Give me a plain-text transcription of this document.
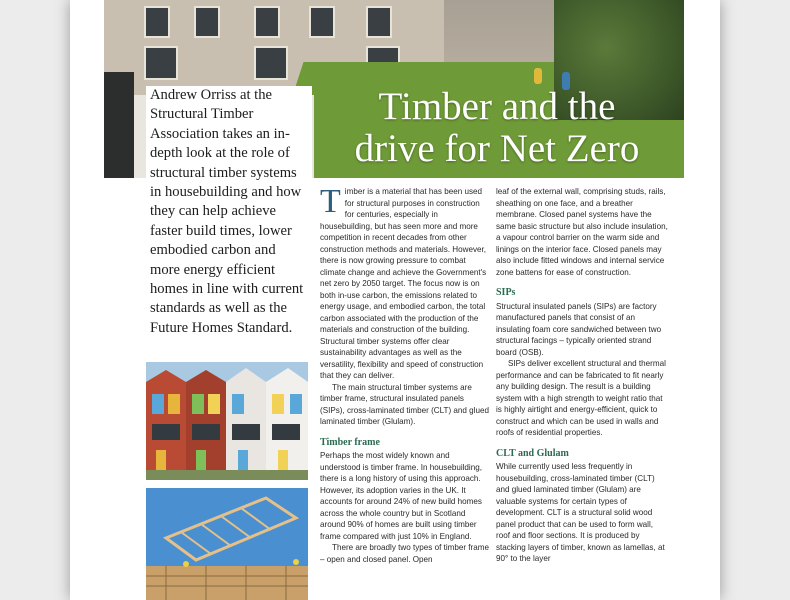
Timber and the
drive for Net Zero

Andrew Orriss at the Structural Timber Association takes an in-depth look at the role of structural timber systems in housebuilding and how they can help achieve faster build times, lower embodied carbon and more energy efficient homes in line with current standards as well as the Future Homes Standard.

Timber is a material that has been used for structural purposes in construction for centuries, especially in housebuilding, but has seen more and more competition in recent decades from other construction methods and materials. However, there is now growing pressure to combat climate change and achieve the Government's net zero by 2050 target. The focus now is on both in-use carbon, the emissions related to energy usage, and embodied carbon, the total carbon associated with the production of the materials and construction of the building. Structural timber systems offer clear sustainability advantages as well as the versatility, flexibility and speed of construction that they can deliver.

The main structural timber systems are timber frame, structural insulated panels (SIPs), cross-laminated timber (CLT) and glued laminated timber (Glulam).

Timber frame

Perhaps the most widely known and understood is timber frame. In housebuilding, there is a long history of using this approach. However, its adoption varies in the UK. It accounts for around 24% of new build homes across the whole country but in Scotland around 90% of homes are built using timber frame compared with just 10% in England.

There are broadly two types of timber frame – open and closed panel. Open

leaf of the external wall, comprising studs, rails, sheathing on one face, and a breather membrane. Closed panel systems have the same basic structure but also include insulation, a vapour control barrier on the warm side and linings on the interior face. Closed panels may also include fitted windows and internal service zone battens for ease of construction.

SIPs

Structural insulated panels (SIPs) are factory manufactured panels that consist of an insulating foam core sandwiched between two structural facings – typically oriented strand board (OSB).

SIPs deliver excellent structural and thermal performance and can be fabricated to fit nearly any building design. The result is a building system with a high strength to weight ratio that is highly airtight and energy-efficient, quick to construct and which can be used in walls and roofs of residential properties.

CLT and Glulam

While currently used less frequently in housebuilding, cross-laminated timber (CLT) and glued laminated timber (Glulam) are valuable systems for certain types of development. CLT is a structural solid wood panel product that can be used to form wall, roof and floor sections. It is produced by stacking layers of timber, known as lamellas, at 90° to the layer
